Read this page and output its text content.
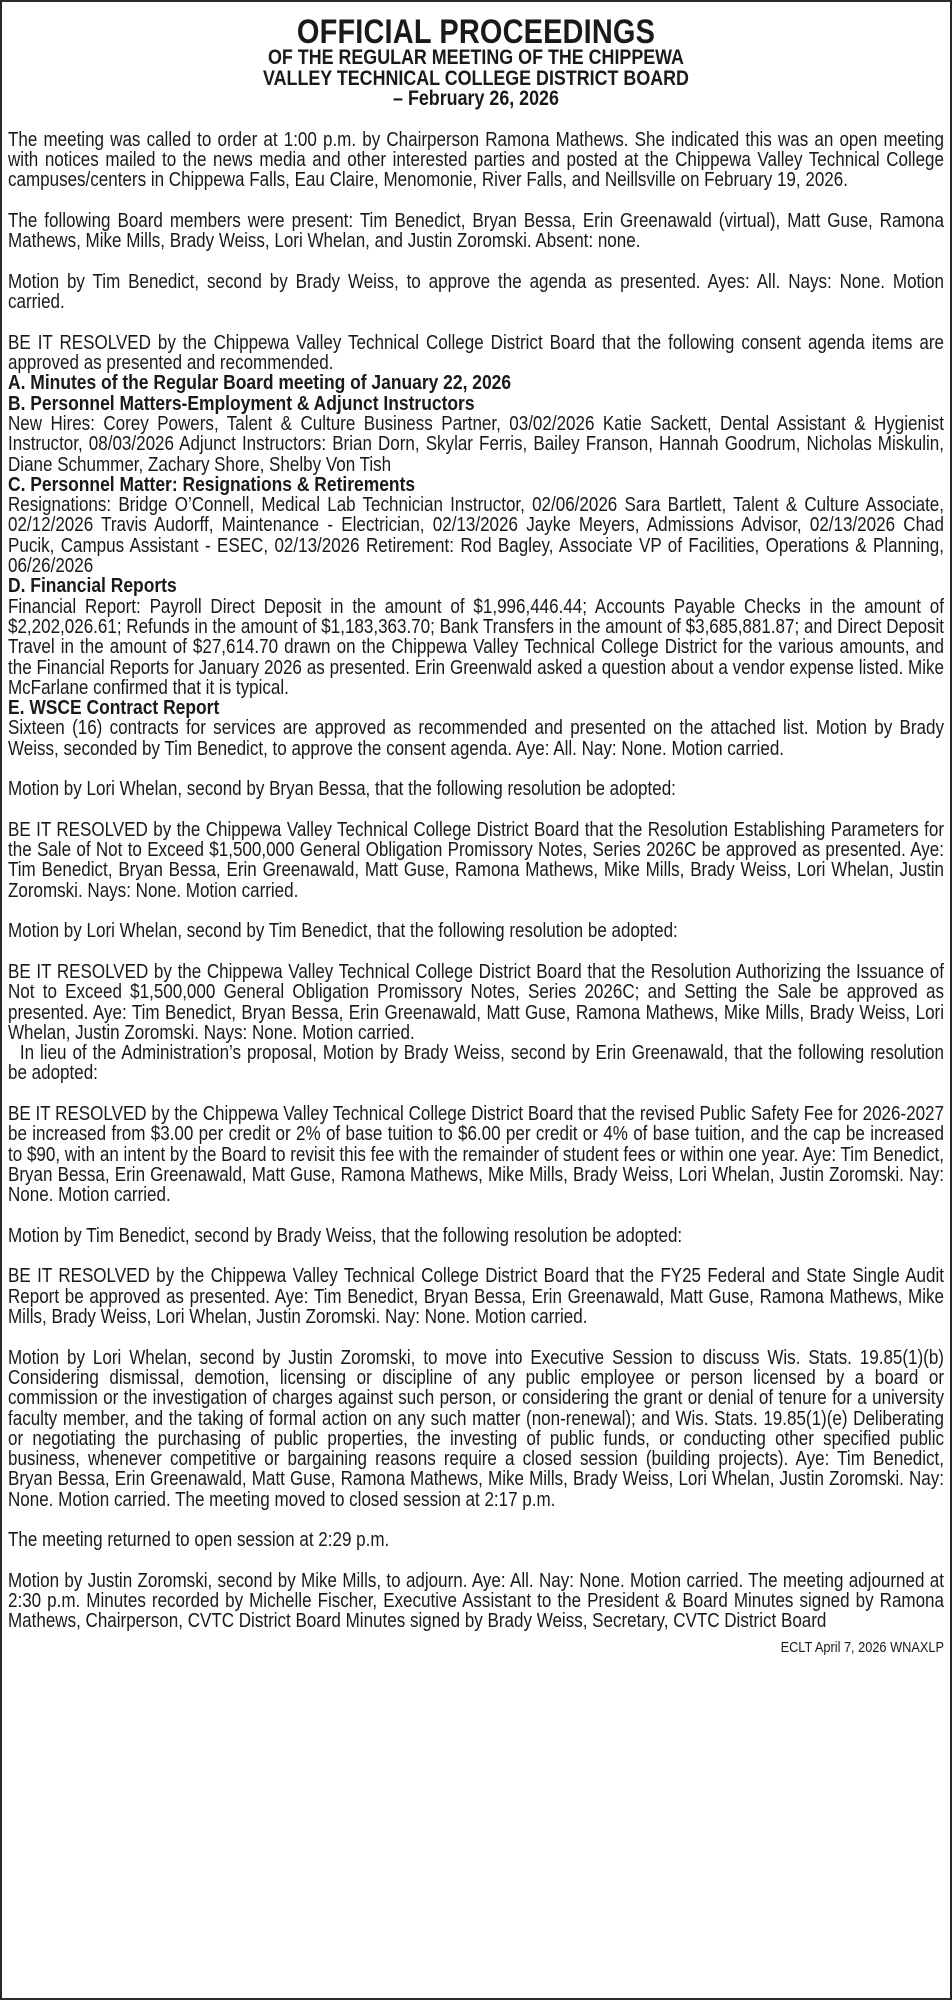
OFFICIAL PROCEEDINGS
OF THE REGULAR MEETING OF THE CHIPPEWA
VALLEY TECHNICAL COLLEGE DISTRICT BOARD
– February 26, 2026

The meeting was called to order at 1:00 p.m. by Chairperson Ramona Mathews. She indicated this was an open meeting with notices mailed to the news media and other interested parties and posted at the Chippewa Valley Technical College campuses/centers in Chippewa Falls, Eau Claire, Menomonie, River Falls, and Neillsville on February 19, 2026.

The following Board members were present: Tim Benedict, Bryan Bessa, Erin Greenawald (virtual), Matt Guse, Ramona Mathews, Mike Mills, Brady Weiss, Lori Whelan, and Justin Zoromski. Absent: none.

Motion by Tim Benedict, second by Brady Weiss, to approve the agenda as presented. Ayes: All. Nays: None. Motion carried.

BE IT RESOLVED by the Chippewa Valley Technical College District Board that the following consent agenda items are approved as presented and recommended.

A. Minutes of the Regular Board meeting of January 22, 2026

B. Personnel Matters-Employment & Adjunct Instructors

New Hires: Corey Powers, Talent & Culture Business Partner, 03/02/2026 Katie Sackett, Dental Assistant & Hygienist Instructor, 08/03/2026 Adjunct Instructors: Brian Dorn, Skylar Ferris, Bailey Franson, Hannah Goodrum, Nicholas Miskulin, Diane Schummer, Zachary Shore, Shelby Von Tish

C. Personnel Matter: Resignations & Retirements

Resignations: Bridge O’Connell, Medical Lab Technician Instructor, 02/06/2026 Sara Bartlett, Talent & Culture Associate, 02/12/2026 Travis Audorff, Maintenance - Electrician, 02/13/2026 Jayke Meyers, Admissions Advisor, 02/13/2026 Chad Pucik, Campus Assistant - ESEC, 02/13/2026 Retirement: Rod Bagley, Associate VP of Facilities, Operations & Planning, 06/26/2026

D. Financial Reports

Financial Report: Payroll Direct Deposit in the amount of $1,996,446.44; Accounts Payable Checks in the amount of $2,202,026.61; Refunds in the amount of $1,183,363.70; Bank Transfers in the amount of $3,685,881.87; and Direct Deposit Travel in the amount of $27,614.70 drawn on the Chippewa Valley Technical College District for the various amounts, and the Financial Reports for January 2026 as presented. Erin Greenwald asked a question about a vendor expense listed. Mike McFarlane confirmed that it is typical.

E. WSCE Contract Report

Sixteen (16) contracts for services are approved as recommended and presented on the attached list. Motion by Brady Weiss, seconded by Tim Benedict, to approve the consent agenda. Aye: All. Nay: None. Motion carried.

Motion by Lori Whelan, second by Bryan Bessa, that the following resolution be adopted:

BE IT RESOLVED by the Chippewa Valley Technical College District Board that the Resolution Establishing Parameters for the Sale of Not to Exceed $1,500,000 General Obligation Promissory Notes, Series 2026C be approved as presented. Aye: Tim Benedict, Bryan Bessa, Erin Greenawald, Matt Guse, Ramona Mathews, Mike Mills, Brady Weiss, Lori Whelan, Justin Zoromski. Nays: None. Motion carried.

Motion by Lori Whelan, second by Tim Benedict, that the following resolution be adopted:

BE IT RESOLVED by the Chippewa Valley Technical College District Board that the Resolution Authorizing the Issuance of Not to Exceed $1,500,000 General Obligation Promissory Notes, Series 2026C; and Setting the Sale be approved as presented. Aye: Tim Benedict, Bryan Bessa, Erin Greenawald, Matt Guse, Ramona Mathews, Mike Mills, Brady Weiss, Lori Whelan, Justin Zoromski. Nays: None. Motion carried.

In lieu of the Administration’s proposal, Motion by Brady Weiss, second by Erin Greenawald, that the following resolution be adopted:

BE IT RESOLVED by the Chippewa Valley Technical College District Board that the revised Public Safety Fee for 2026-2027 be increased from $3.00 per credit or 2% of base tuition to $6.00 per credit or 4% of base tuition, and the cap be increased to $90, with an intent by the Board to revisit this fee with the remainder of student fees or within one year. Aye: Tim Benedict, Bryan Bessa, Erin Greenawald, Matt Guse, Ramona Mathews, Mike Mills, Brady Weiss, Lori Whelan, Justin Zoromski. Nay: None. Motion carried.

Motion by Tim Benedict, second by Brady Weiss, that the following resolution be adopted:

BE IT RESOLVED by the Chippewa Valley Technical College District Board that the FY25 Federal and State Single Audit Report be approved as presented. Aye: Tim Benedict, Bryan Bessa, Erin Greenawald, Matt Guse, Ramona Mathews, Mike Mills, Brady Weiss, Lori Whelan, Justin Zoromski. Nay: None. Motion carried.

Motion by Lori Whelan, second by Justin Zoromski, to move into Executive Session to discuss Wis. Stats. 19.85(1)(b) Considering dismissal, demotion, licensing or discipline of any public employee or person licensed by a board or commission or the investigation of charges against such person, or considering the grant or denial of tenure for a university faculty member, and the taking of formal action on any such matter (non-renewal); and Wis. Stats. 19.85(1)(e) Deliberating or negotiating the purchasing of public properties, the investing of public funds, or conducting other specified public business, whenever competitive or bargaining reasons require a closed session (building projects). Aye: Tim Benedict, Bryan Bessa, Erin Greenawald, Matt Guse, Ramona Mathews, Mike Mills, Brady Weiss, Lori Whelan, Justin Zoromski. Nay: None. Motion carried. The meeting moved to closed session at 2:17 p.m.

The meeting returned to open session at 2:29 p.m.

Motion by Justin Zoromski, second by Mike Mills, to adjourn. Aye: All. Nay: None. Motion carried. The meeting adjourned at 2:30 p.m. Minutes recorded by Michelle Fischer, Executive Assistant to the President & Board Minutes signed by Ramona Mathews, Chairperson, CVTC District Board Minutes signed by Brady Weiss, Secretary, CVTC District Board

ECLT April 7, 2026 WNAXLP
